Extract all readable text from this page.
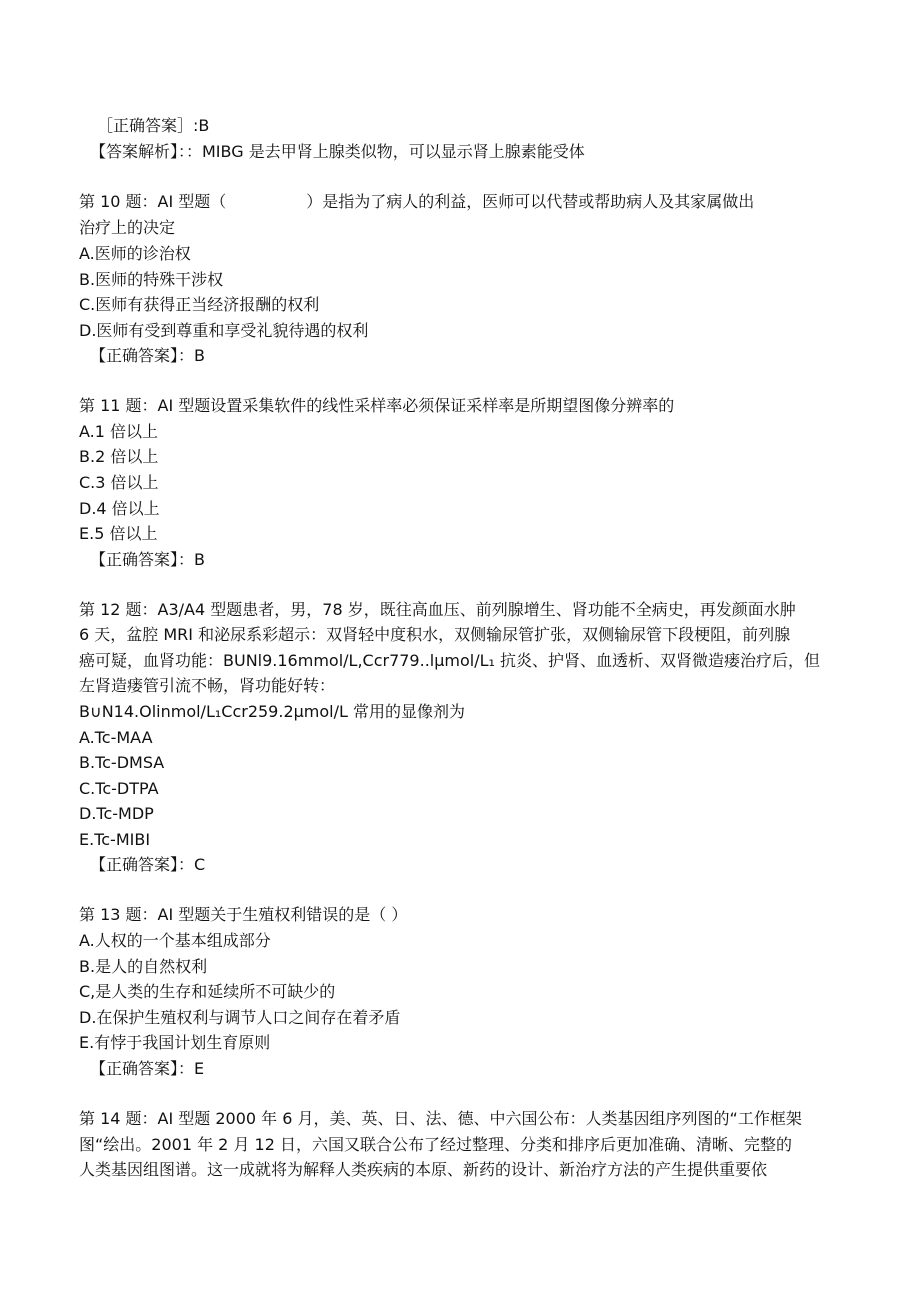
［正确答案］:B
【答案解析】：：MIBG 是去甲肾上腺类似物，可以显示肾上腺素能受体
第 10 题：AI 型题（　　　　　）是指为了病人的利益，医师可以代替或帮助病人及其家属做出
治疗上的决定
A.医师的诊治权
B.医师的特殊干涉权
C.医师有获得正当经济报酬的权利
D.医师有受到尊重和享受礼貌待遇的权利
【正确答案】：B
第 11 题：AI 型题设置采集软件的线性采样率必须保证采样率是所期望图像分辨率的
A.1 倍以上
B.2 倍以上
C.3 倍以上
D.4 倍以上
E.5 倍以上
【正确答案】：B
第 12 题：A3/A4 型题患者，男，78 岁，既往高血压、前列腺增生、肾功能不全病史，再发颜面水肿
6 天，盆腔 MRI 和泌尿系彩超示：双肾轻中度积水，双侧输尿管扩张，双侧输尿管下段梗阻，前列腺
癌可疑，血肾功能：BUNl9.16mmol/L,Ccr779..lμmol/L₁ 抗炎、护肾、血透析、双肾微造瘘治疗后，但
左肾造瘘管引流不畅，肾功能好转：
B∪N14.Olinmol/L₁Ccr259.2μmol/L 常用的显像剂为
A.Tc-MAA
B.Tc-DMSA
C.Tc-DTPA
D.Tc-MDP
E.Tc-MIBI
【正确答案】：C
第 13 题：AI 型题关于生殖权利错误的是（ ）
A.人权的一个基本组成部分
B.是人的自然权利
C,是人类的生存和延续所不可缺少的
D.在保护生殖权利与调节人口之间存在着矛盾
E.有悖于我国计划生育原则
【正确答案】：E
第 14 题：AI 型题 2000 年 6 月，美、英、日、法、德、中六国公布：人类基因组序列图的“工作框架
图“绘出。2001 年 2 月 12 日，六国又联合公布了经过整理、分类和排序后更加准确、清晰、完整的
人类基因组图谱。这一成就将为解释人类疾病的本原、新药的设计、新治疗方法的产生提供重要依
